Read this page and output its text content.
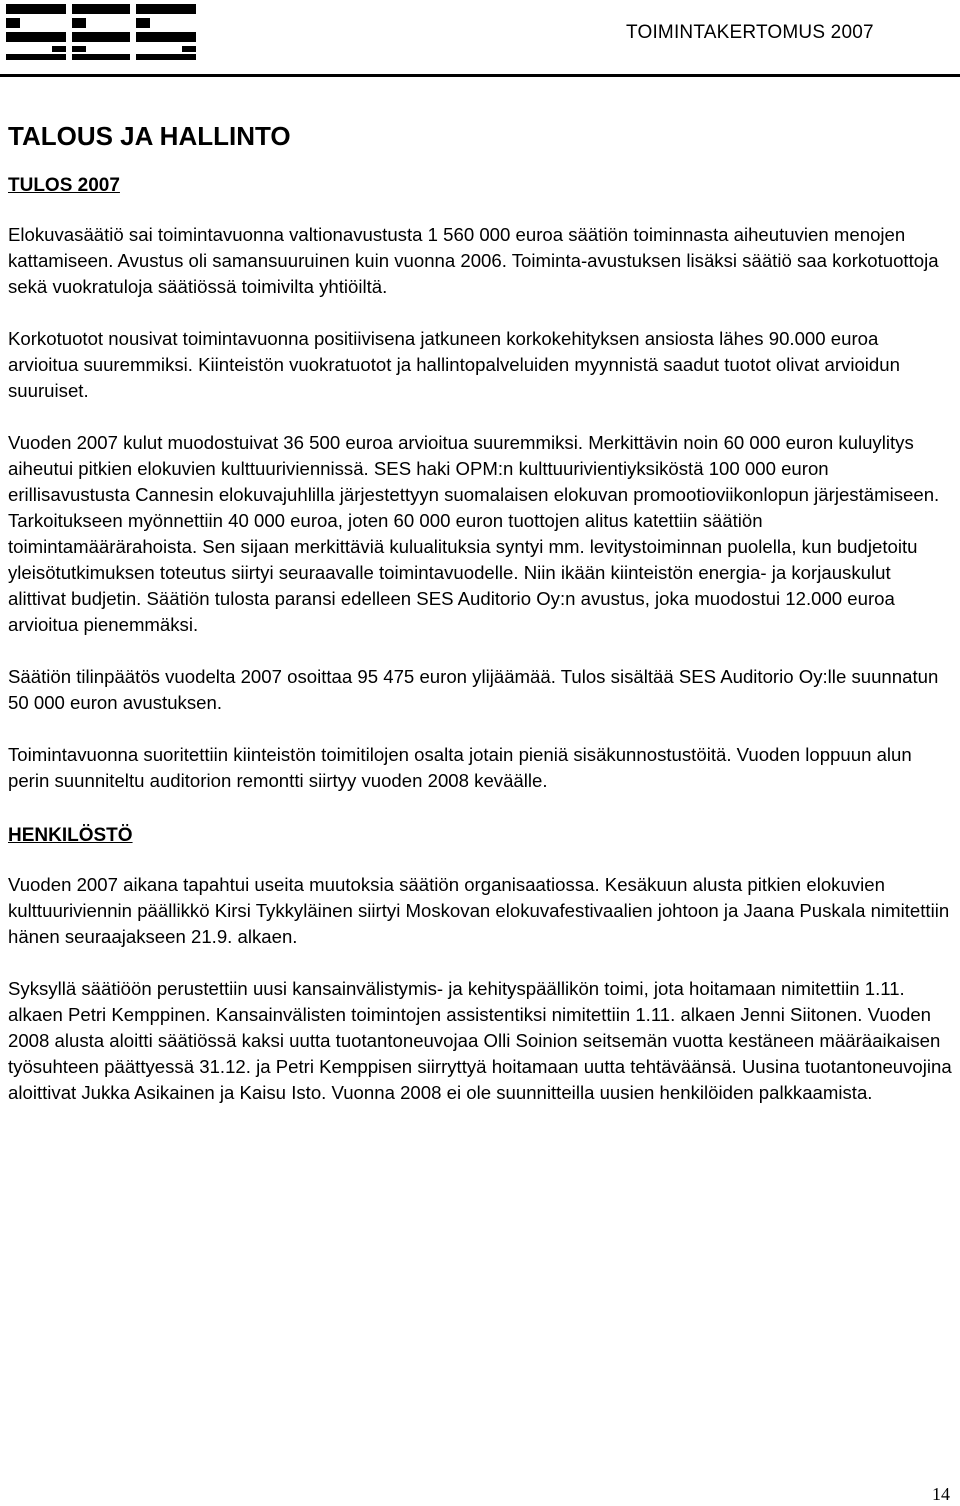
TOIMINTAKERTOMUS 2007
TALOUS JA HALLINTO
TULOS 2007

Elokuvasäätiö sai toimintavuonna valtionavustusta 1 560 000 euroa säätiön toiminnasta aiheutuvien menojen kattamiseen. Avustus oli samansuuruinen kuin vuonna 2006. Toiminta-avustuksen lisäksi säätiö saa korkotuottoja sekä vuokratuloja säätiössä toimivilta yhtiöiltä.

Korkotuotot nousivat toimintavuonna positiivisena jatkuneen korkokehityksen ansiosta lähes 90.000 euroa arvioitua suuremmiksi. Kiinteistön vuokratuotot ja hallintopalveluiden myynnistä saadut tuotot olivat arvioidun suuruiset.

Vuoden 2007 kulut muodostuivat 36 500 euroa arvioitua suuremmiksi. Merkittävin noin 60 000 euron kuluylitys aiheutui pitkien elokuvien kulttuuriviennissä. SES haki OPM:n kulttuurivientiyksiköstä 100 000 euron erillisavustusta Cannesin elokuvajuhlilla järjestettyyn suomalaisen elokuvan promootioviikonlopun järjestämiseen. Tarkoitukseen myönnettiin 40 000 euroa, joten 60 000 euron tuottojen alitus katettiin säätiön toimintamäärärahoista. Sen sijaan merkittäviä kulualituksia syntyi mm. levitystoiminnan puolella, kun budjetoitu yleisötutkimuksen toteutus siirtyi seuraavalle toimintavuodelle. Niin ikään kiinteistön energia- ja korjauskulut alittivat budjetin. Säätiön tulosta paransi edelleen SES Auditorio Oy:n avustus, joka muodostui 12.000 euroa arvioitua pienemmäksi.

Säätiön tilinpäätös vuodelta 2007 osoittaa 95 475 euron ylijäämää. Tulos sisältää SES Auditorio Oy:lle suunnatun 50 000 euron avustuksen.

Toimintavuonna suoritettiin kiinteistön toimitilojen osalta jotain pieniä sisäkunnostustöitä. Vuoden loppuun alun perin suunniteltu auditorion remontti siirtyy vuoden 2008 keväälle.

HENKILÖSTÖ

Vuoden 2007 aikana tapahtui useita muutoksia säätiön organisaatiossa. Kesäkuun alusta pitkien elokuvien kulttuuriviennin päällikkö Kirsi Tykkyläinen siirtyi Moskovan elokuvafestivaalien johtoon ja Jaana Puskala nimitettiin hänen seuraajakseen 21.9. alkaen.

Syksyllä säätiöön perustettiin uusi kansainvälistymis- ja kehityspäällikön toimi, jota hoitamaan nimitettiin 1.11. alkaen Petri Kemppinen. Kansainvälisten toimintojen assistentiksi nimitettiin 1.11. alkaen Jenni Siitonen. Vuoden 2008 alusta aloitti säätiössä kaksi uutta tuotantoneuvojaa Olli Soinion seitsemän vuotta kestäneen määräaikaisen työsuhteen päättyessä 31.12. ja Petri Kemppisen siirryttyä hoitamaan uutta tehtäväänsä. Uusina tuotantoneuvojina aloittivat Jukka Asikainen ja Kaisu Isto. Vuonna 2008 ei ole suunnitteilla uusien henkilöiden palkkaamista.

14
